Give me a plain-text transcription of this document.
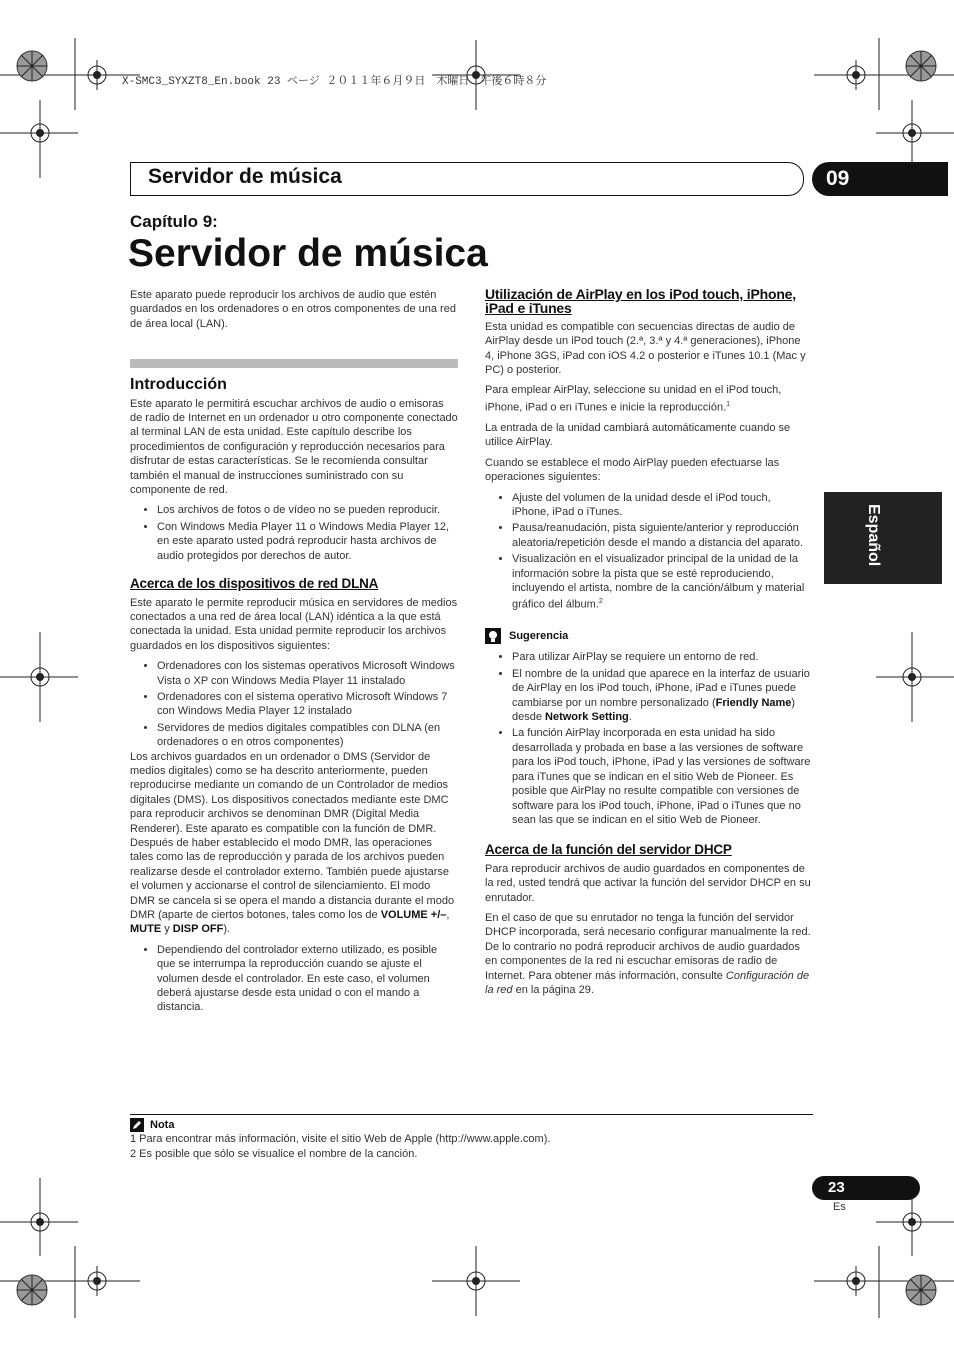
X-SMC3_SYXZT8_En.book 23 ページ ２０１１年６月９日　木曜日　午後６時８分
Servidor de música	09
Capítulo 9:
Servidor de música
Español

Este aparato puede reproducir los archivos de audio que estén guardados en los ordenadores o en otros componentes de una red de área local (LAN).

Introducción

Este aparato le permitirá escuchar archivos de audio o emisoras de radio de Internet en un ordenador u otro componente conectado al terminal LAN de esta unidad. Este capítulo describe los procedimientos de configuración y reproducción necesarios para disfrutar de estas características. Se le recomienda consultar también el manual de instrucciones suministrado con su componente de red.

• Los archivos de fotos o de vídeo no se pueden reproducir.
• Con Windows Media Player 11 o Windows Media Player 12, en este aparato usted podrá reproducir hasta archivos de audio protegidos por derechos de autor.
Acerca de los dispositivos de red DLNA

Este aparato le permite reproducir música en servidores de medios conectados a una red de área local (LAN) idéntica a la que está conectada la unidad. Esta unidad permite reproducir los archivos guardados en los dispositivos siguientes:

• Ordenadores con los sistemas operativos Microsoft Windows Vista o XP con Windows Media Player 11 instalado
• Ordenadores con el sistema operativo Microsoft Windows 7 con Windows Media Player 12 instalado
• Servidores de medios digitales compatibles con DLNA (en ordenadores o en otros componentes)

Los archivos guardados en un ordenador o DMS (Servidor de medios digitales) como se ha descrito anteriormente, pueden reproducirse mediante un comando de un Controlador de medios digitales (DMS). Los dispositivos conectados mediante este DMC para reproducir archivos se denominan DMR (Digital Media Renderer). Este aparato es compatible con la función de DMR. Después de haber establecido el modo DMR, las operaciones tales como las de reproducción y parada de los archivos pueden realizarse desde el controlador externo. También puede ajustarse el volumen y accionarse el control de silenciamiento. El modo DMR se cancela si se opera el mando a distancia durante el modo DMR (aparte de ciertos botones, tales como los de VOLUME +/–, MUTE y DISP OFF).

• Dependiendo del controlador externo utilizado, es posible que se interrumpa la reproducción cuando se ajuste el volumen desde el controlador. En este caso, el volumen deberá ajustarse desde esta unidad o con el mando a distancia.
Utilización de AirPlay en los iPod touch, iPhone, iPad e iTunes

Esta unidad es compatible con secuencias directas de audio de AirPlay desde un iPod touch (2.ª, 3.ª y 4.ª generaciones), iPhone 4, iPhone 3GS, iPad con iOS 4.2 o posterior e iTunes 10.1 (Mac y PC) o posterior.

Para emplear AirPlay, seleccione su unidad en el iPod touch, iPhone, iPad o en iTunes e inicie la reproducción.$^1$

La entrada de la unidad cambiará automáticamente cuando se utilice AirPlay.

Cuando se establece el modo AirPlay pueden efectuarse las operaciones siguientes:

• Ajuste del volumen de la unidad desde el iPod touch, iPhone, iPad o iTunes.
• Pausa/reanudación, pista siguiente/anterior y reproducción aleatoria/repetición desde el mando a distancia del aparato.
• Visualización en el visualizador principal de la unidad de la información sobre la pista que se esté reproduciendo, incluyendo el artista, nombre de la canción/álbum y material gráfico del álbum.$^2$
Sugerencia
• Para utilizar AirPlay se requiere un entorno de red.
• El nombre de la unidad que aparece en la interfaz de usuario de AirPlay en los iPod touch, iPhone, iPad e iTunes puede cambiarse por un nombre personalizado (Friendly Name) desde Network Setting.
• La función AirPlay incorporada en esta unidad ha sido desarrollada y probada en base a las versiones de software para los iPod touch, iPhone, iPad y las versiones de software para iTunes que se indican en el sitio Web de Pioneer. Es posible que AirPlay no resulte compatible con versiones de software para los iPod touch, iPhone, iPad o iTunes que no sean las que se indican en el sitio Web de Pioneer.
Acerca de la función del servidor DHCP

Para reproducir archivos de audio guardados en componentes de la red, usted tendrá que activar la función del servidor DHCP en su enrutador.

En el caso de que su enrutador no tenga la función del servidor DHCP incorporada, será necesario configurar manualmente la red. De lo contrario no podrá reproducir archivos de audio guardados en componentes de la red ni escuchar emisoras de radio de Internet. Para obtener más información, consulte Configuración de la red en la página 29.

Nota
1 Para encontrar más información, visite el sitio Web de Apple (http://www.apple.com).
2 Es posible que sólo se visualice el nombre de la canción.
23
Es
